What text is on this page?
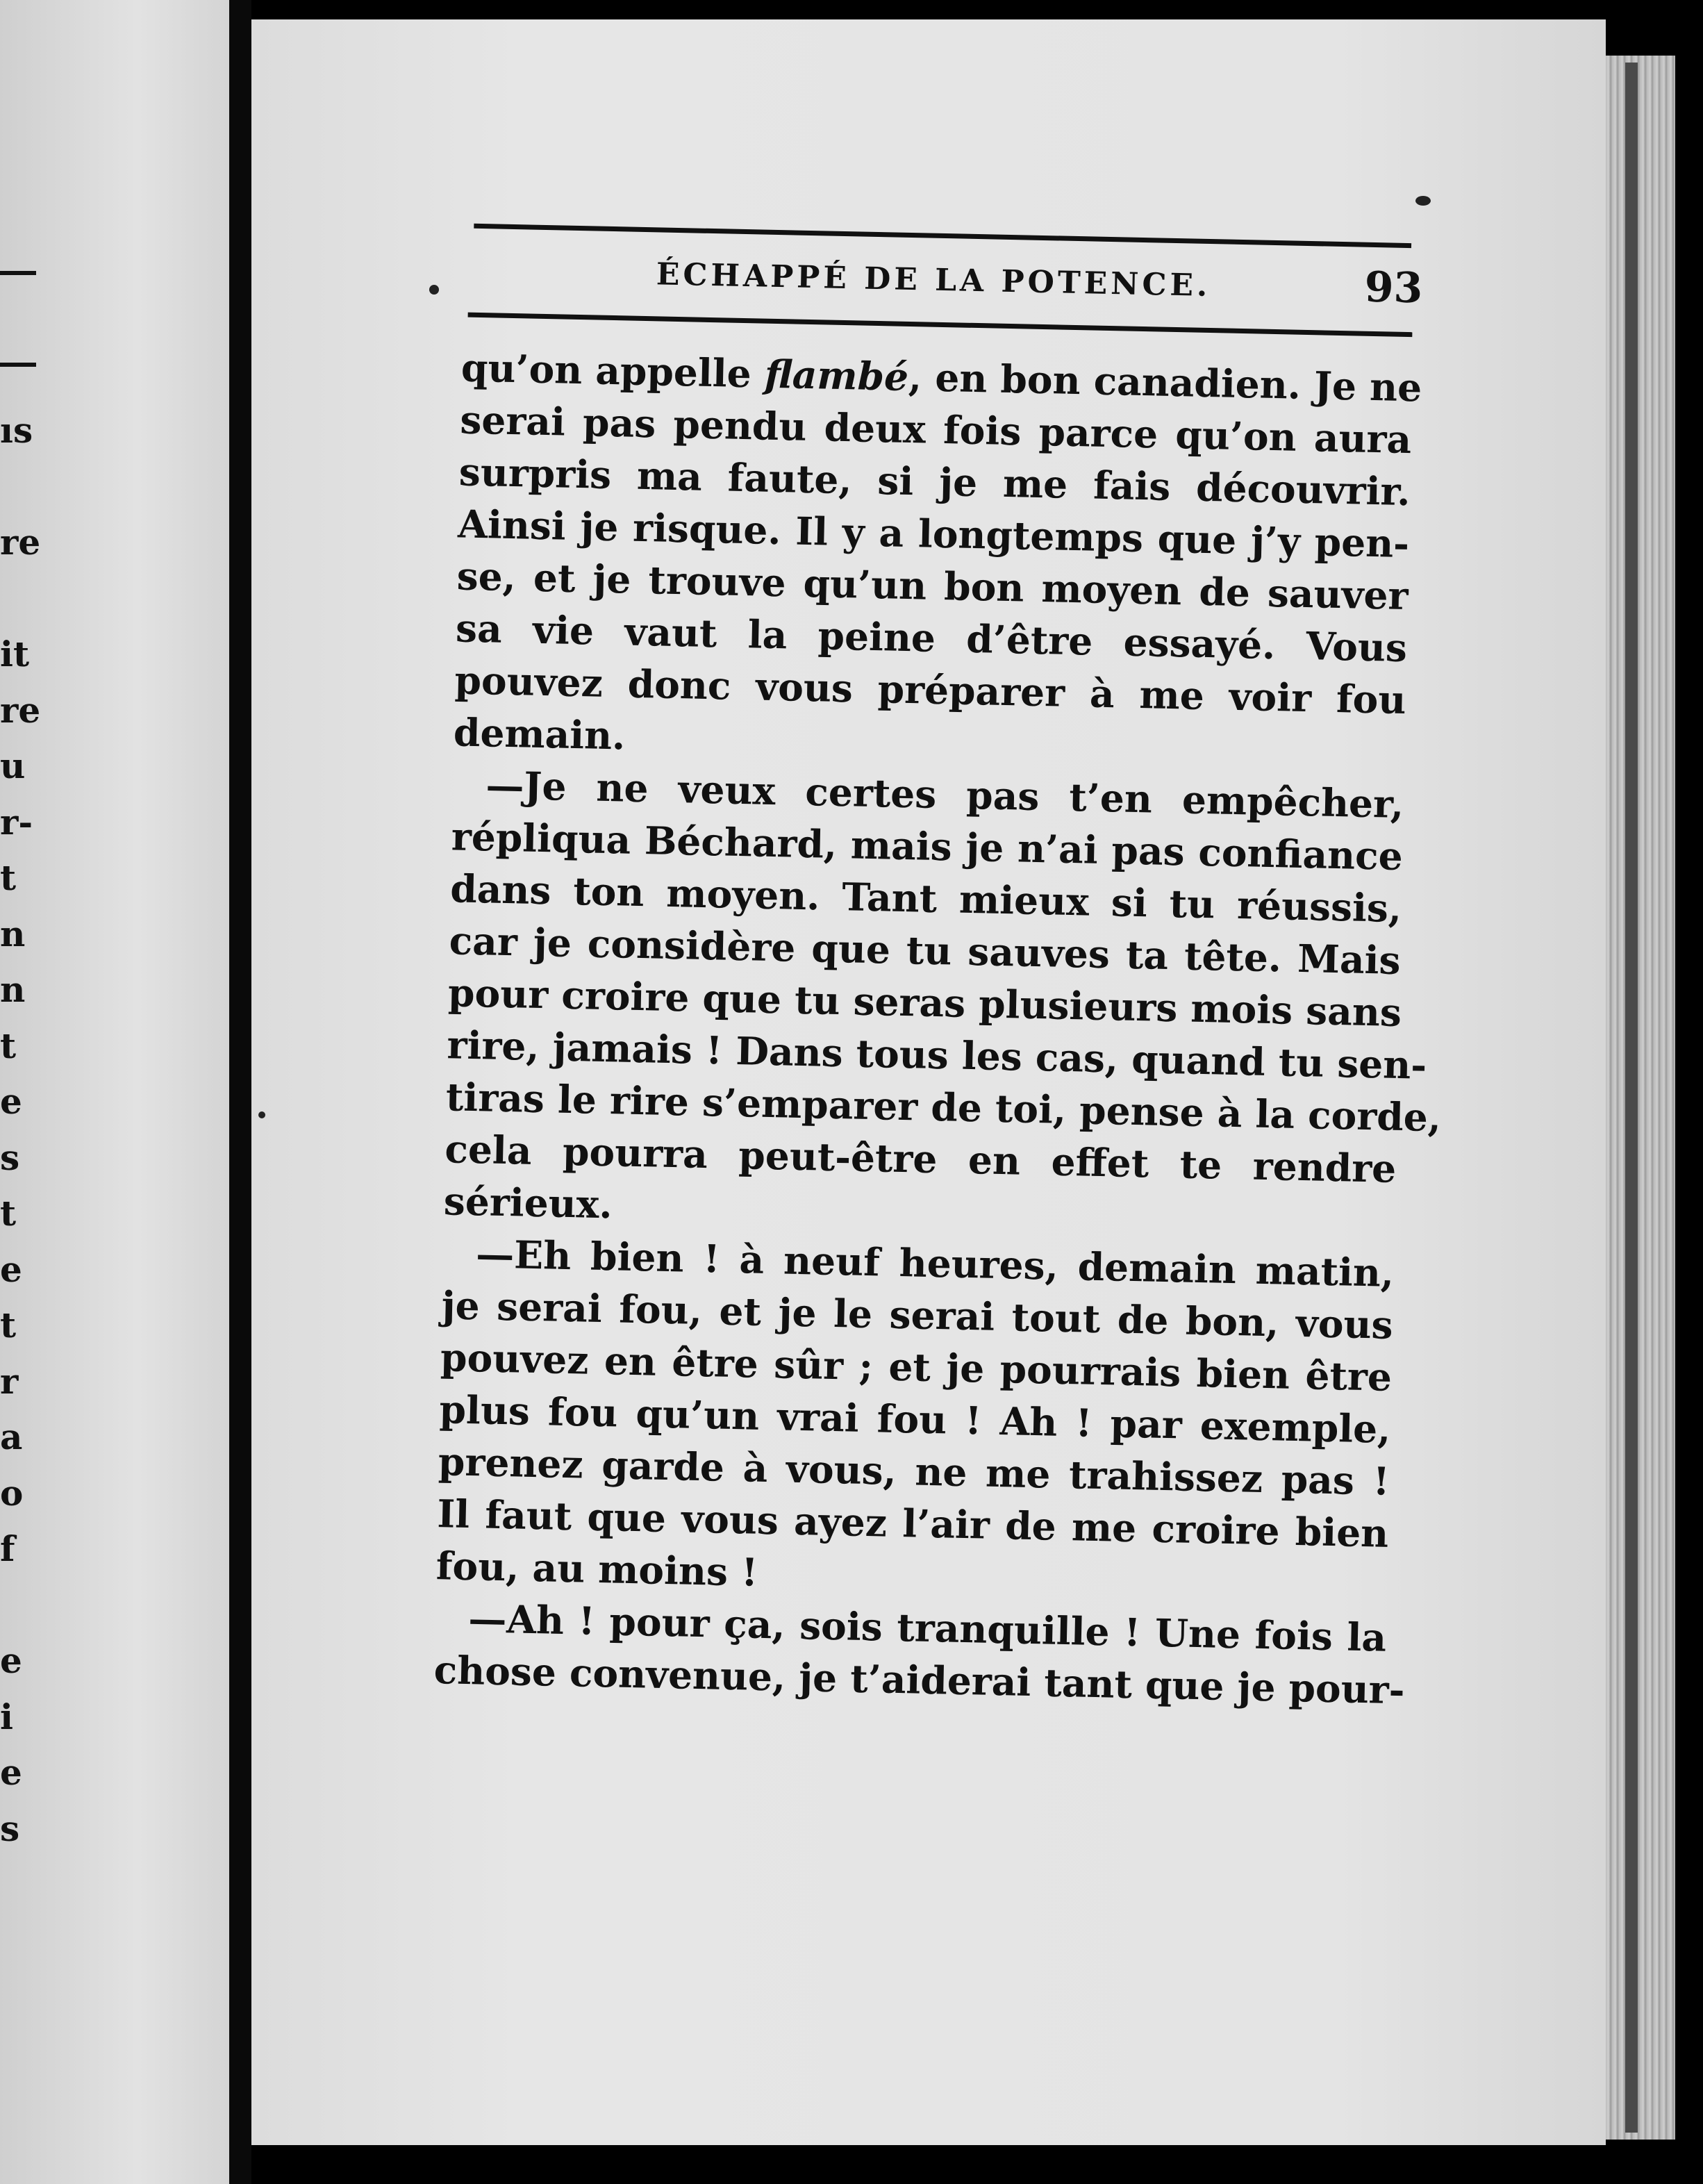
ıs
re
it
re
u
r-
t
n
n
t
e
s
t
e
t
r
a
o
f
e
i
e
s
ÉCHAPPÉ DE LA POTENCE.	93
qu’on appelle flambé, en bon canadien. Je ne
serai pas pendu deux fois parce qu’on aura
surpris ma faute, si je me fais découvrir.
Ainsi je risque. Il y a longtemps que j’y pen-
se, et je trouve qu’un bon moyen de sauver
sa vie vaut la peine d’être essayé. Vous
pouvez donc vous préparer à me voir fou
demain.
—Je ne veux certes pas t’en empêcher,
répliqua Béchard, mais je n’ai pas confiance
dans ton moyen. Tant mieux si tu réussis,
car je considère que tu sauves ta tête. Mais
pour croire que tu seras plusieurs mois sans
rire, jamais ! Dans tous les cas, quand tu sen-
tiras le rire s’emparer de toi, pense à la corde,
cela pourra peut-être en effet te rendre
sérieux.
—Eh bien ! à neuf heures, demain matin,
je serai fou, et je le serai tout de bon, vous
pouvez en être sûr ; et je pourrais bien être
plus fou qu’un vrai fou ! Ah ! par exemple,
prenez garde à vous, ne me trahissez pas !
Il faut que vous ayez l’air de me croire bien
fou, au moins !
—Ah ! pour ça, sois tranquille ! Une fois la
chose convenue, je t’aiderai tant que je pour-
